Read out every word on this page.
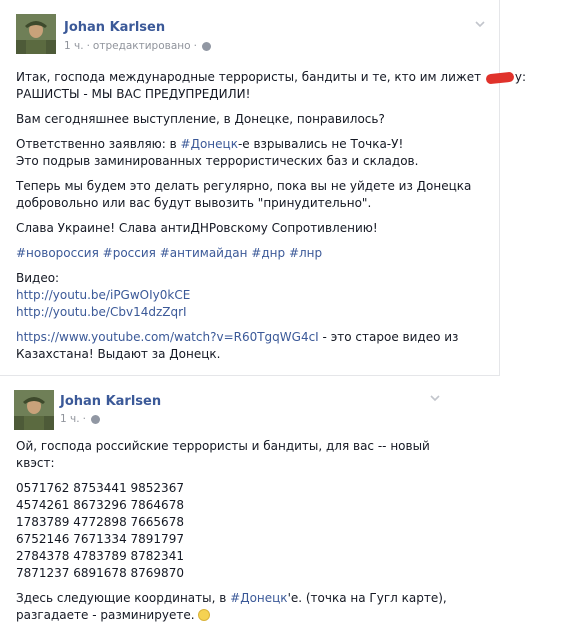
Johan Karlsen
1 ч. · отредактировано ·
Итак, господа международные террористы, бандиты и те, кто им лижет	у:
РАШИСТЫ - МЫ ВАС ПРЕДУПРЕДИЛИ!
Вам сегодняшнее выступление, в Донецке, понравилось?
Ответственно заявляю: в #Донецк-е взрывались не Точка-У!
Это подрыв заминированных террористических баз и складов.
Теперь мы будем это делать регулярно, пока вы не уйдете из Донецка
добровольно или вас будут вывозить "принудительно".
Слава Украине! Слава антиДНРовскому Сопротивлению!
#новороссия #россия #антимайдан #днр #лнр
Видео:
http://youtu.be/iPGwOIy0kCE
http://youtu.be/Cbv14dzZqrI
https://www.youtube.com/watch?v=R60TgqWG4cI - это старое видео из
Казахстана! Выдают за Донецк.
Johan Karlsen
1 ч. ·
Ой, господа российские террористы и бандиты, для вас -- новый
квэст:
0571762 8753441 9852367
4574261 8673296 7864678
1783789 4772898 7665678
6752146 7671334 7891797
2784378 4783789 8782341
7871237 6891678 8769870
Здесь следующие координаты, в #Донецк'е. (точка на Гугл карте),
разгадаете - разминируете.
